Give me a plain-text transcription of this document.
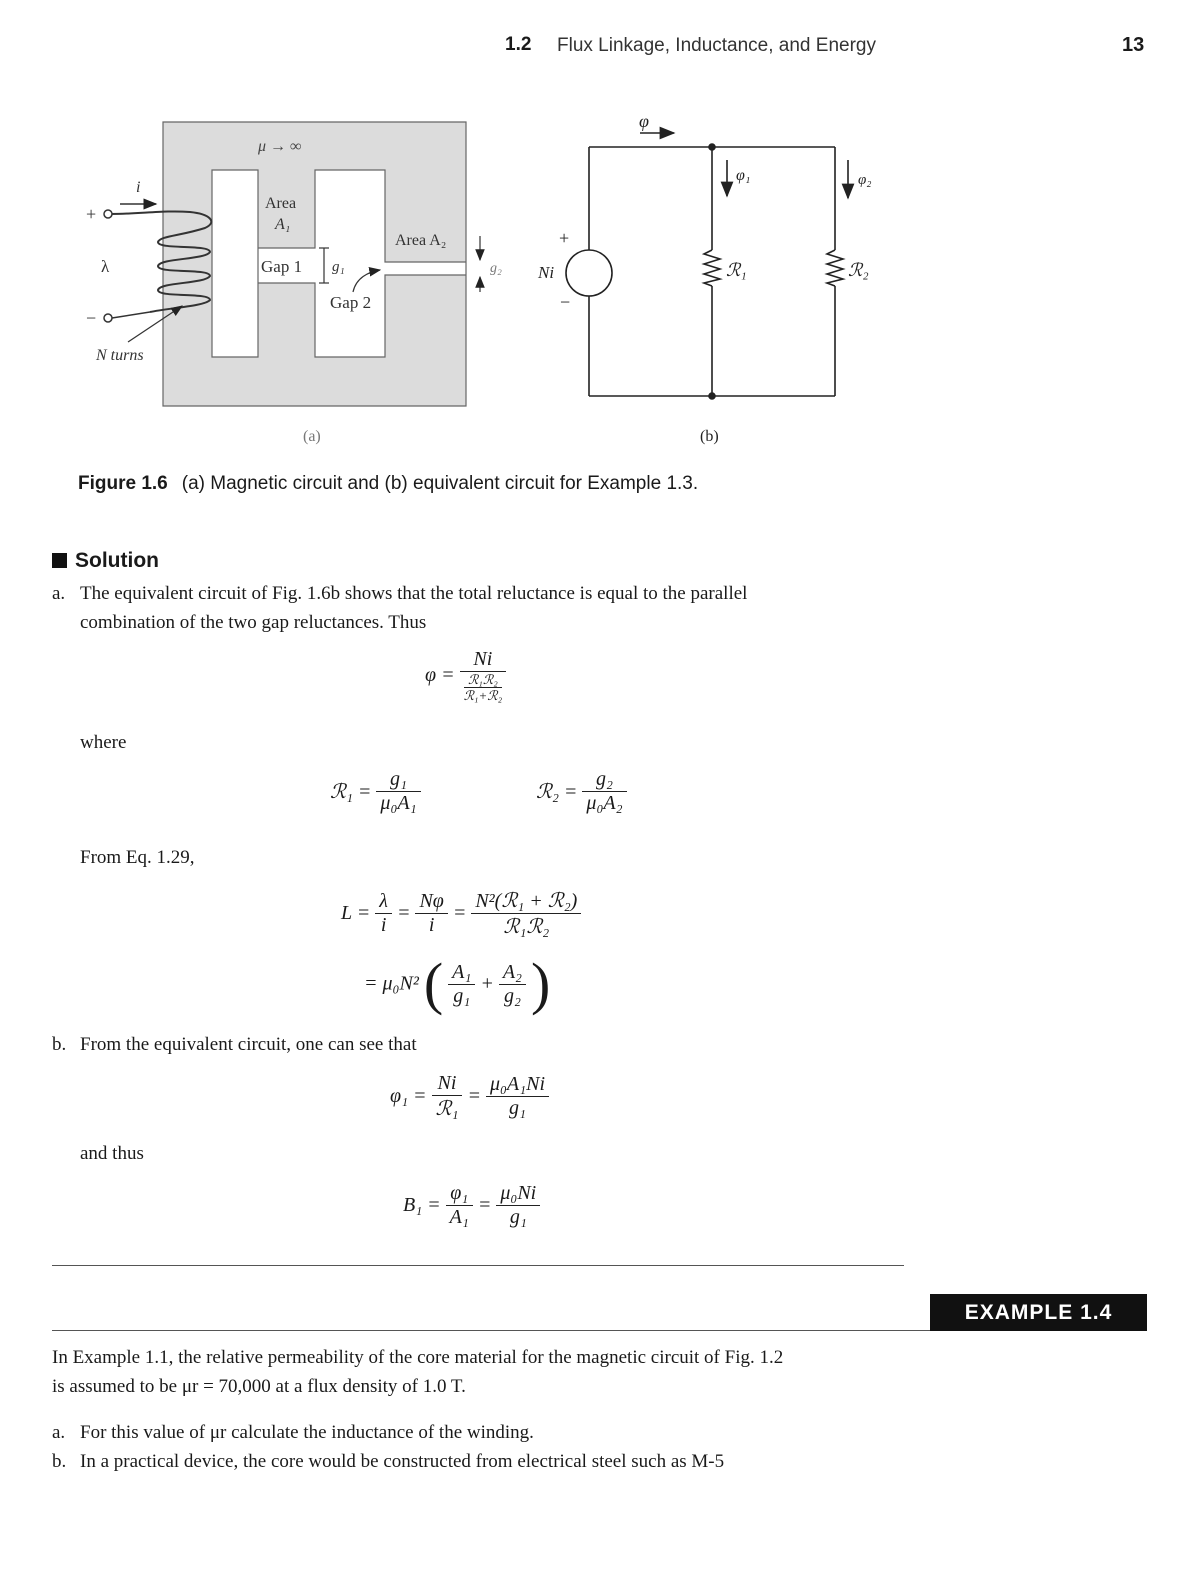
1.2 Flux Linkage, Inductance, and Energy	13
μ → ∞
i
+
−
λ
N turns
Area
A₁
Area A₂
Gap 1 g₁
Gap 2
g₂
(a)
φ
φ₁	φ₂
Ni
+
−
ℛ₁	ℛ₂
(b)
Figure 1.6 (a) Magnetic circuit and (b) equivalent circuit for Example 1.3.
Solution
a. The equivalent circuit of Fig. 1.6b shows that the total reluctance is equal to the parallel
combination of the two gap reluctances. Thus
φ = Ni
ℛ₁ℛ₂
ℛ₁+ℛ₂
where
ℛ₁ = $\frac{\text{g₁}}{\text{μ₀A₁}}$	ℛ₂ = $\frac{\text{g₂}}{\text{μ₀A₂}}$
From Eq. 1.29,
$L = \frac{\lambda}{i} = \frac{N\varphi}{i} = \frac{\text{N²(ℛ₁ + ℛ₂)}}{\text{ℛ₁ℛ₂}}$
= μ₀N² ( $\frac{\text{A₁}}{\text{g₁}} + \frac{\text{A₂}}{\text{g₂}}$ )
b. From the equivalent circuit, one can see that
$\varphi_1 = \frac{Ni}{\text{ℛ₁}} = \frac{\text{μ₀A₁Ni}}{\text{g₁}}$
and thus
$B_1 = \frac{\text{φ₁}}{\text{A₁}} = \frac{\text{μ₀Ni}}{\text{g₁}}$
EXAMPLE 1.4
In Example 1.1, the relative permeability of the core material for the magnetic circuit of Fig. 1.2
is assumed to be μr = 70,000 at a flux density of 1.0 T.
a. For this value of μr calculate the inductance of the winding.
b. In a practical device, the core would be constructed from electrical steel such as M-5
